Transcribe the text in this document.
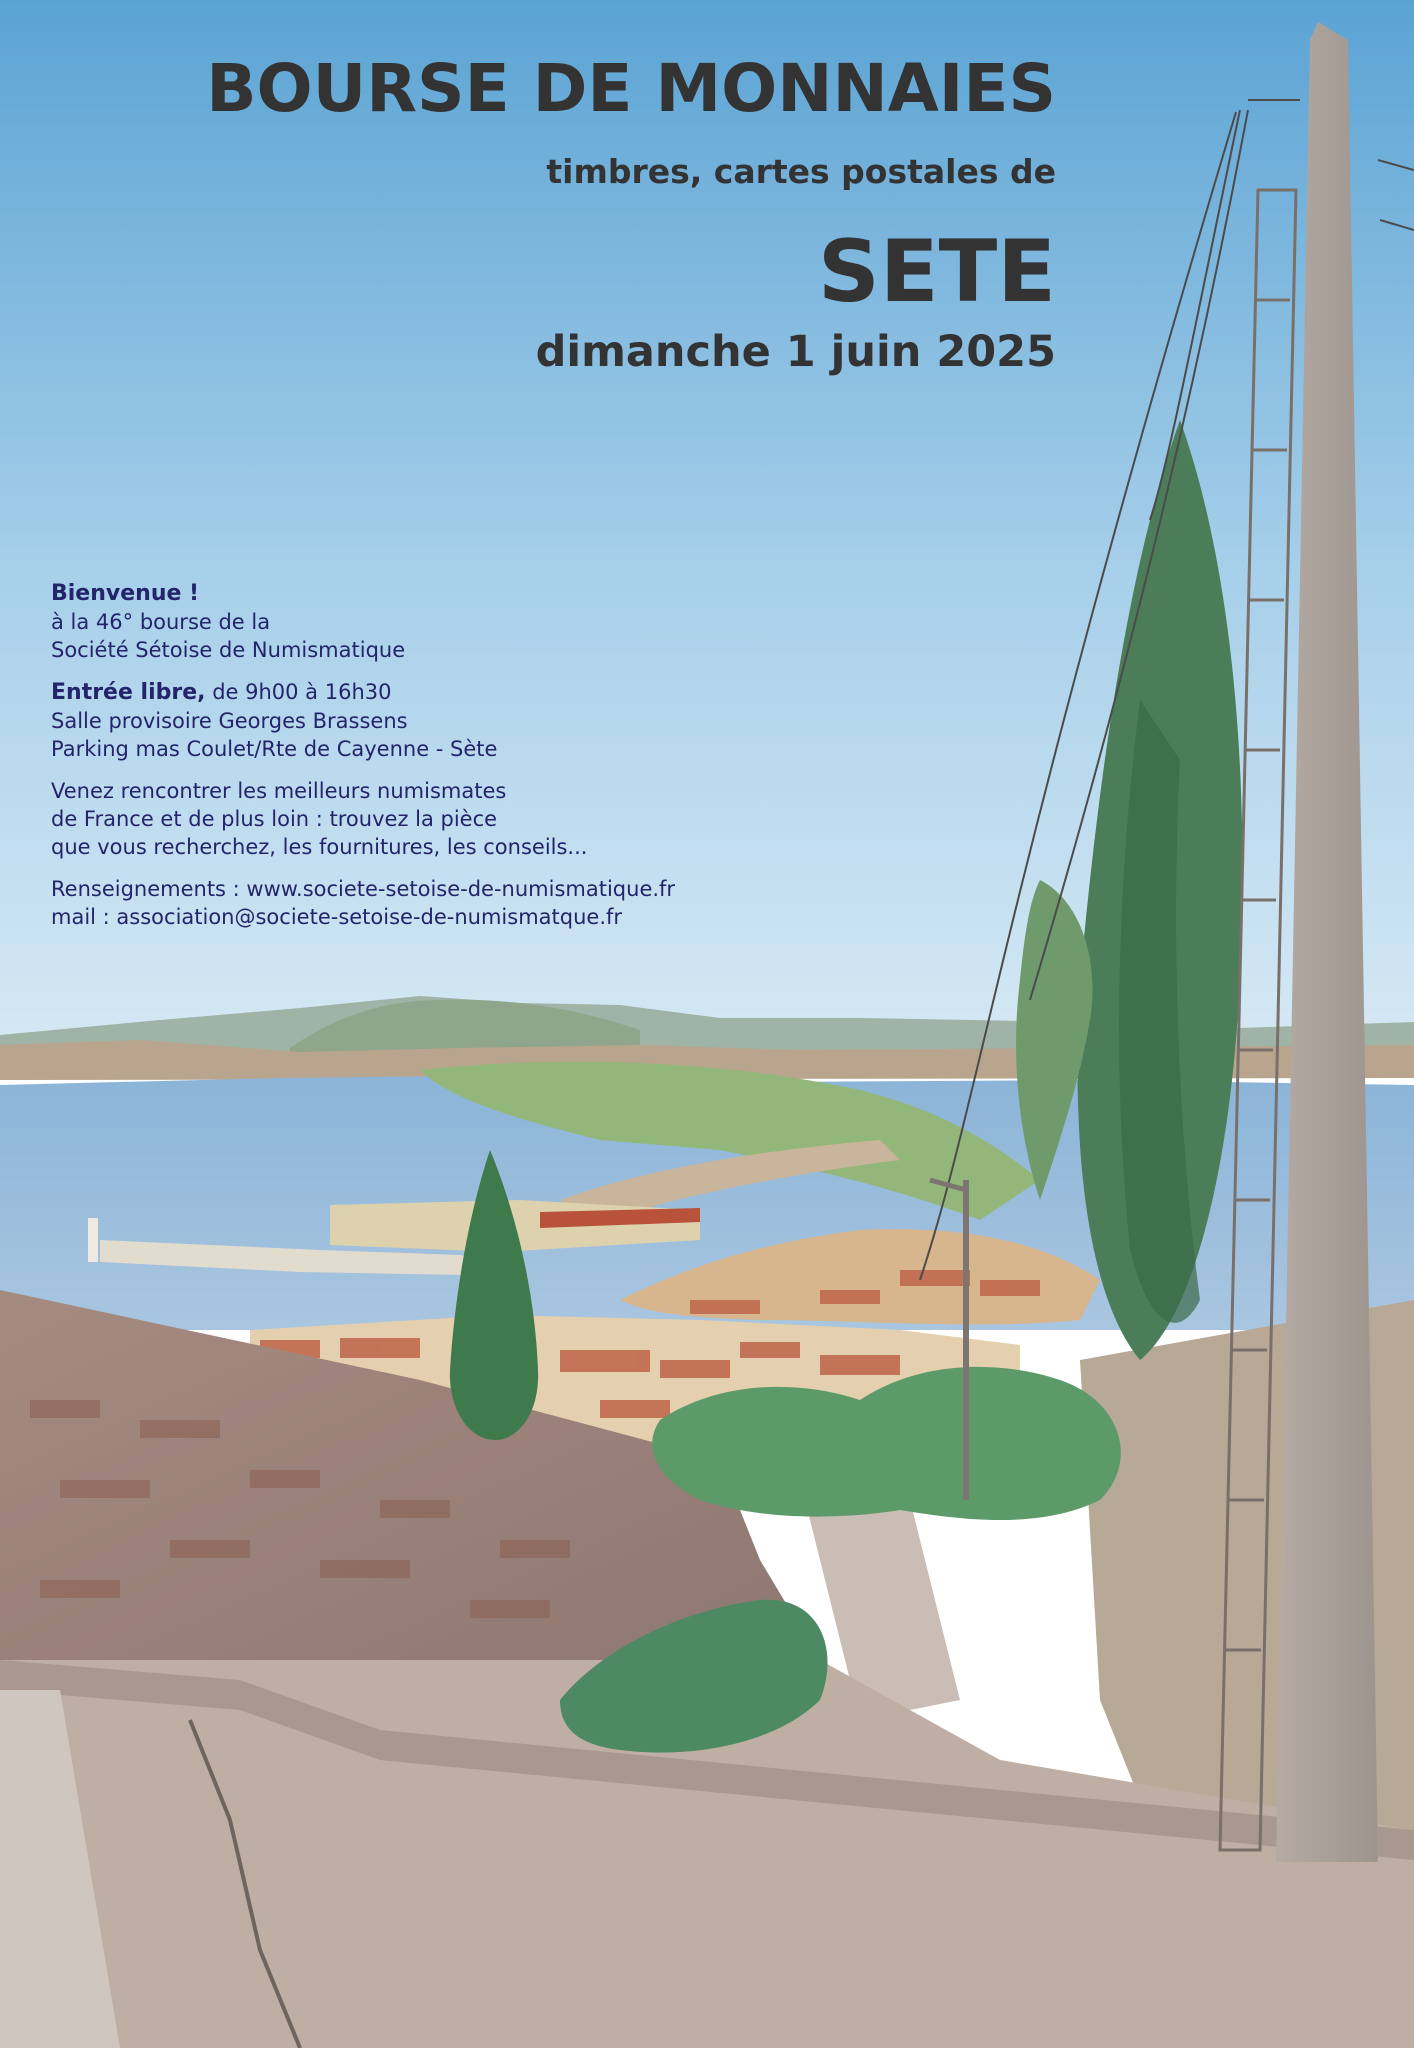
BOURSE DE MONNAIES
timbres, cartes postales de
SETE
dimanche 1 juin 2025
Bienvenue !
à la 46° bourse de la
Société Sétoise de Numismatique
Entrée libre, de 9h00 à 16h30
Salle provisoire Georges Brassens
Parking mas Coulet/Rte de Cayenne - Sète
Venez rencontrer les meilleurs numismates
de France et de plus loin : trouvez la pièce
que vous recherchez, les fournitures, les conseils...
Renseignements : www.societe-setoise-de-numismatique.fr
mail : association@societe-setoise-de-numismatque.fr
